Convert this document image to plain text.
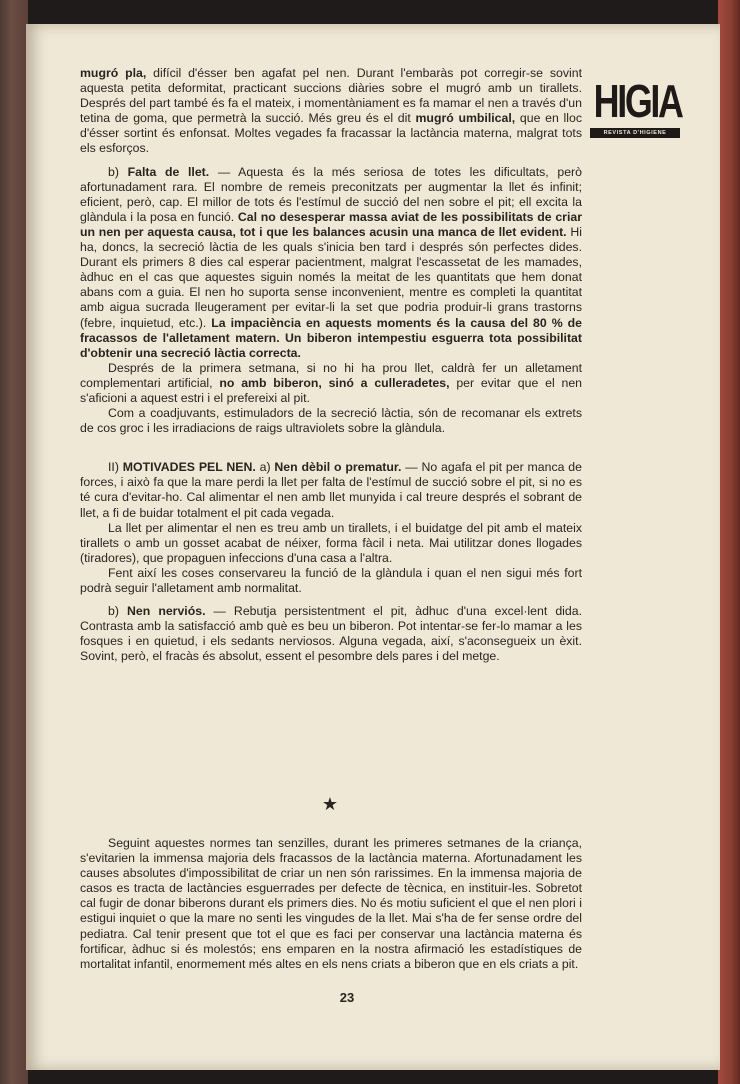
HIGIA
REVISTA D'HIGIENE

mugró pla, difícil d'ésser ben agafat pel nen. Durant l'embaràs pot corregir-se sovint aquesta petita deformitat, practicant succions diàries sobre el mugró amb un tirallets. Després del part també és fa el mateix, i momentàniament es fa mamar el nen a través d'un tetina de goma, que permetrà la succió. Més greu és el dit mugró umbilical, que en lloc d'ésser sortint és enfonsat. Moltes vegades fa fracassar la lactància materna, malgrat tots els esforços.

b) Falta de llet. — Aquesta és la més seriosa de totes les dificultats, però afortunadament rara. El nombre de remeis preconitzats per augmentar la llet és infinit; eficient, però, cap. El millor de tots és l'estímul de succió del nen sobre el pit; ell excita la glàndula i la posa en funció. Cal no desesperar massa aviat de les possibilitats de criar un nen per aquesta causa, tot i que les balances acusin una manca de llet evident. Hi ha, doncs, la secreció làctia de les quals s'inicia ben tard i després són perfectes dides. Durant els primers 8 dies cal esperar pacientment, malgrat l'escassetat de les mamades, àdhuc en el cas que aquestes siguin només la meitat de les quantitats que hem donat abans com a guia. El nen ho suporta sense inconvenient, mentre es completi la quantitat amb aigua sucrada lleugerament per evitar-li la set que podria produir-li grans trastorns (febre, inquietud, etc.). La impaciència en aquests moments és la causa del 80 % de fracassos de l'alletament matern. Un biberon intempestiu esguerra tota possibilitat d'obtenir una secreció làctia correcta.

Després de la primera setmana, si no hi ha prou llet, caldrà fer un alletament complementari artificial, no amb biberon, sinó a culleradetes, per evitar que el nen s'aficioni a aquest estri i el prefereixi al pit.

Com a coadjuvants, estimuladors de la secreció làctia, són de recomanar els extrets de cos groc i les irradiacions de raigs ultraviolets sobre la glàndula.

II) MOTIVADES PEL NEN. a) Nen dèbil o prematur. — No agafa el pit per manca de forces, i això fa que la mare perdi la llet per falta de l'estímul de succió sobre el pit, si no es té cura d'evitar-ho. Cal alimentar el nen amb llet munyida i cal treure després el sobrant de llet, a fi de buidar totalment el pit cada vegada.

La llet per alimentar el nen es treu amb un tirallets, i el buidatge del pit amb el mateix tirallets o amb un gosset acabat de néixer, forma fàcil i neta. Mai utilitzar dones llogades (tiradores), que propaguen infeccions d'una casa a l'altra.

Fent així les coses conservareu la funció de la glàndula i quan el nen sigui més fort podrà seguir l'alletament amb normalitat.

b) Nen nerviós. — Rebutja persistentment el pit, àdhuc d'una excel·lent dida. Contrasta amb la satisfacció amb què es beu un biberon. Pot intentar-se fer-lo mamar a les fosques i en quietud, i els sedants nerviosos. Alguna vegada, així, s'aconsegueix un èxit. Sovint, però, el fracàs és absolut, essent el pesombre dels pares i del metge.

★

Seguint aquestes normes tan senzilles, durant les primeres setmanes de la criança, s'evitarien la immensa majoria dels fracassos de la lactància materna. Afortunadament les causes absolutes d'impossibilitat de criar un nen són rarissimes. En la immensa majoria de casos es tracta de lactàncies esguerrades per defecte de tècnica, en instituir-les. Sobretot cal fugir de donar biberons durant els primers dies. No és motiu suficient el que el nen plori i estigui inquiet o que la mare no senti les vingudes de la llet. Mai s'ha de fer sense ordre del pediatra. Cal tenir present que tot el que es faci per conservar una lactància materna és fortificar, àdhuc si és molestós; ens emparen en la nostra afirmació les estadístiques de mortalitat infantil, enormement més altes en els nens criats a biberon que en els criats a pit.

23
